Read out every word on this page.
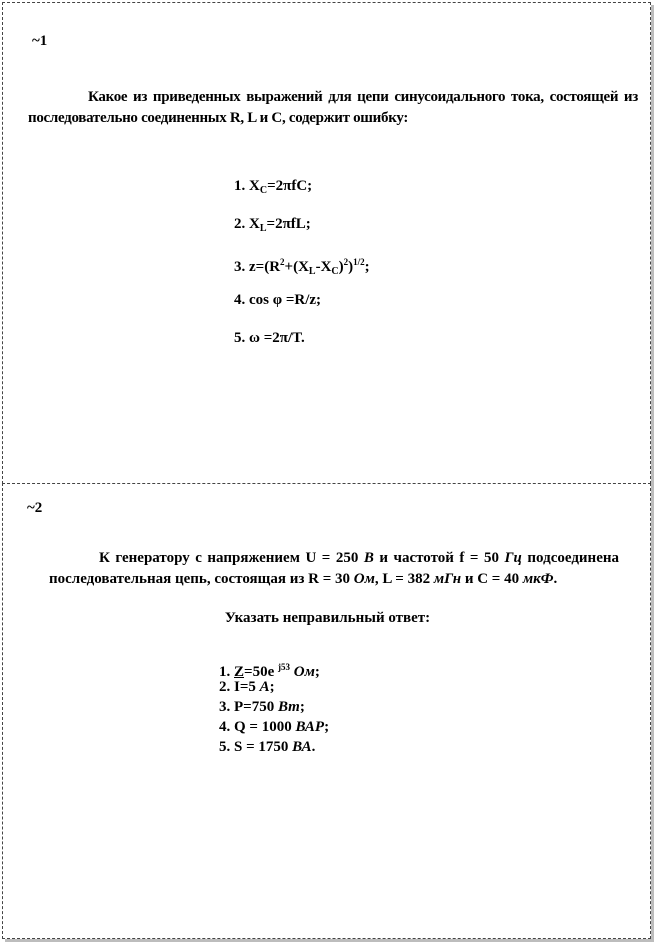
~1
Какое из приведенных выражений для цепи синусоидального тока, состоящей из последовательно соединенных R, L и C, содержит ошибку:
1. $X_C=2\pi fC$;
2. $X_L=2\pi fL$;
3. $z=(R^2+(X_L-X_C)^2)^{1/2}$;
4. cos φ =R/z;
5. ω =2π/T.
~2
К генератору с напряжением U = 250 В и частотой f = 50 Гц подсоединена последовательная цепь, состоящая из R = 30 Ом, L = 382 мГн и C = 40 мкФ.
Указать неправильный ответ:
1. Z=50e $^{j53}$ Ом;
2. I=5 А;
3. P=750 Вт;
4. Q = 1000 ВАР;
5. S = 1750 ВА.
